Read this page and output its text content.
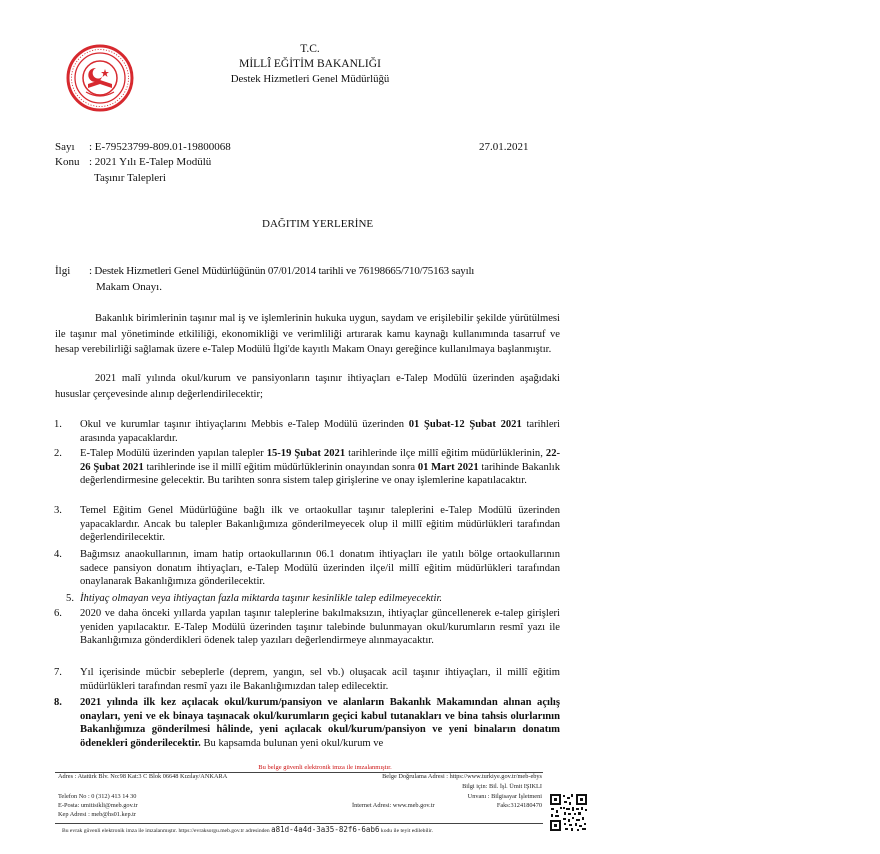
T.C.
MİLLÎ EĞİTİM BAKANLIĞI
Destek Hizmetleri Genel Müdürlüğü
Sayı : E-79523799-809.01-19800068	27.01.2021
Konu : 2021 Yılı E-Talep Modülü
Taşınır Talepleri
DAĞITIM YERLERİNE
İlgi : Destek Hizmetleri Genel Müdürlüğünün 07/01/2014 tarihli ve 76198665/710/75163 sayılı
Makam Onayı.
Bakanlık birimlerinin taşınır mal iş ve işlemlerinin hukuka uygun, saydam ve erişilebilir şekilde yürütülmesi ile taşınır mal yönetiminde etkililiği, ekonomikliği ve verimliliği artırarak kamu kaynağı kullanımında tasarruf ve hesap verebilirliği sağlamak üzere e-Talep Modülü İlgi'de kayıtlı Makam Onayı gereğince kullanılmaya başlanmıştır.
2021 malî yılında okul/kurum ve pansiyonların taşınır ihtiyaçları e-Talep Modülü üzerinden aşağıdaki hususlar çerçevesinde alınıp değerlendirilecektir;
1.	Okul ve kurumlar taşınır ihtiyaçlarını Mebbis e-Talep Modülü üzerinden 01 Şubat-12 Şubat 2021 tarihleri arasında yapacaklardır.
2.	E-Talep Modülü üzerinden yapılan talepler 15-19 Şubat 2021 tarihlerinde ilçe millî eğitim müdürlüklerinin, 22-26 Şubat 2021 tarihlerinde ise il millî eğitim müdürlüklerinin onayından sonra 01 Mart 2021 tarihinde Bakanlık değerlendirmesine gelecektir. Bu tarihten sonra sistem talep girişlerine ve onay işlemlerine kapatılacaktır.
3.	Temel Eğitim Genel Müdürlüğüne bağlı ilk ve ortaokullar taşınır taleplerini e-Talep Modülü üzerinden yapacaklardır. Ancak bu talepler Bakanlığımıza gönderilmeyecek olup il millî eğitim müdürlükleri tarafından değerlendirilecektir.
4.	Bağımsız anaokullarının, imam hatip ortaokullarının 06.1 donatım ihtiyaçları ile yatılı bölge ortaokullarının sadece pansiyon donatım ihtiyaçları, e-Talep Modülü üzerinden ilçe/il millî eğitim müdürlükleri tarafından onaylanarak Bakanlığımıza gönderilecektir.
5. İhtiyaç olmayan veya ihtiyaçtan fazla miktarda taşınır kesinlikle talep edilmeyecektir.
6.	2020 ve daha önceki yıllarda yapılan taşınır taleplerine bakılmaksızın, ihtiyaçlar güncellenerek e-talep girişleri yeniden yapılacaktır. E-Talep Modülü üzerinden taşınır talebinde bulunmayan okul/kurumların resmî yazı ile Bakanlığımıza gönderdikleri ödenek talep yazıları değerlendirmeye alınmayacaktır.
7.	Yıl içerisinde mücbir sebeplerle (deprem, yangın, sel vb.) oluşacak acil taşınır ihtiyaçları, il millî eğitim müdürlükleri tarafından resmî yazı ile Bakanlığımızdan talep edilecektir.
8.	2021 yılında ilk kez açılacak okul/kurum/pansiyon ve alanların Bakanlık Makamından alınan açılış onayları, yeni ve ek binaya taşınacak okul/kurumların geçici kabul tutanakları ve bina tahsis olurlarının Bakanlığımıza gönderilmesi hâlinde, yeni açılacak okul/kurum/pansiyon ve yeni binaların donatım ödenekleri gönderilecektir. Bu kapsamda bulunan yeni okul/kurum ve
Bu belge güvenli elektronik imza ile imzalanmıştır.
Adres : Atatürk Blv. No:98 Kat:3 C Blok 06648 Kızılay/ANKARA	Belge Doğrulama Adresi : https://www.turkiye.gov.tr/meb-ebys
Bilgi için: Bil. İşl. Ümit IŞIKLI
Telefon No : 0 (312) 413 14 30	Unvanı : Bilgisayar İşletmeni
E-Posta: umitisikli@meb.gov.tr	İnternet Adresi: www.meb.gov.tr	Faks:3124180470
Kep Adresi : meb@hs01.kep.tr
Bu evrak güvenli elektronik imza ile imzalanmıştır. https://evraksorgu.meb.gov.tr adresinden a81d-4a4d-3a35-82f6-6ab6 kodu ile teyit edilebilir.
